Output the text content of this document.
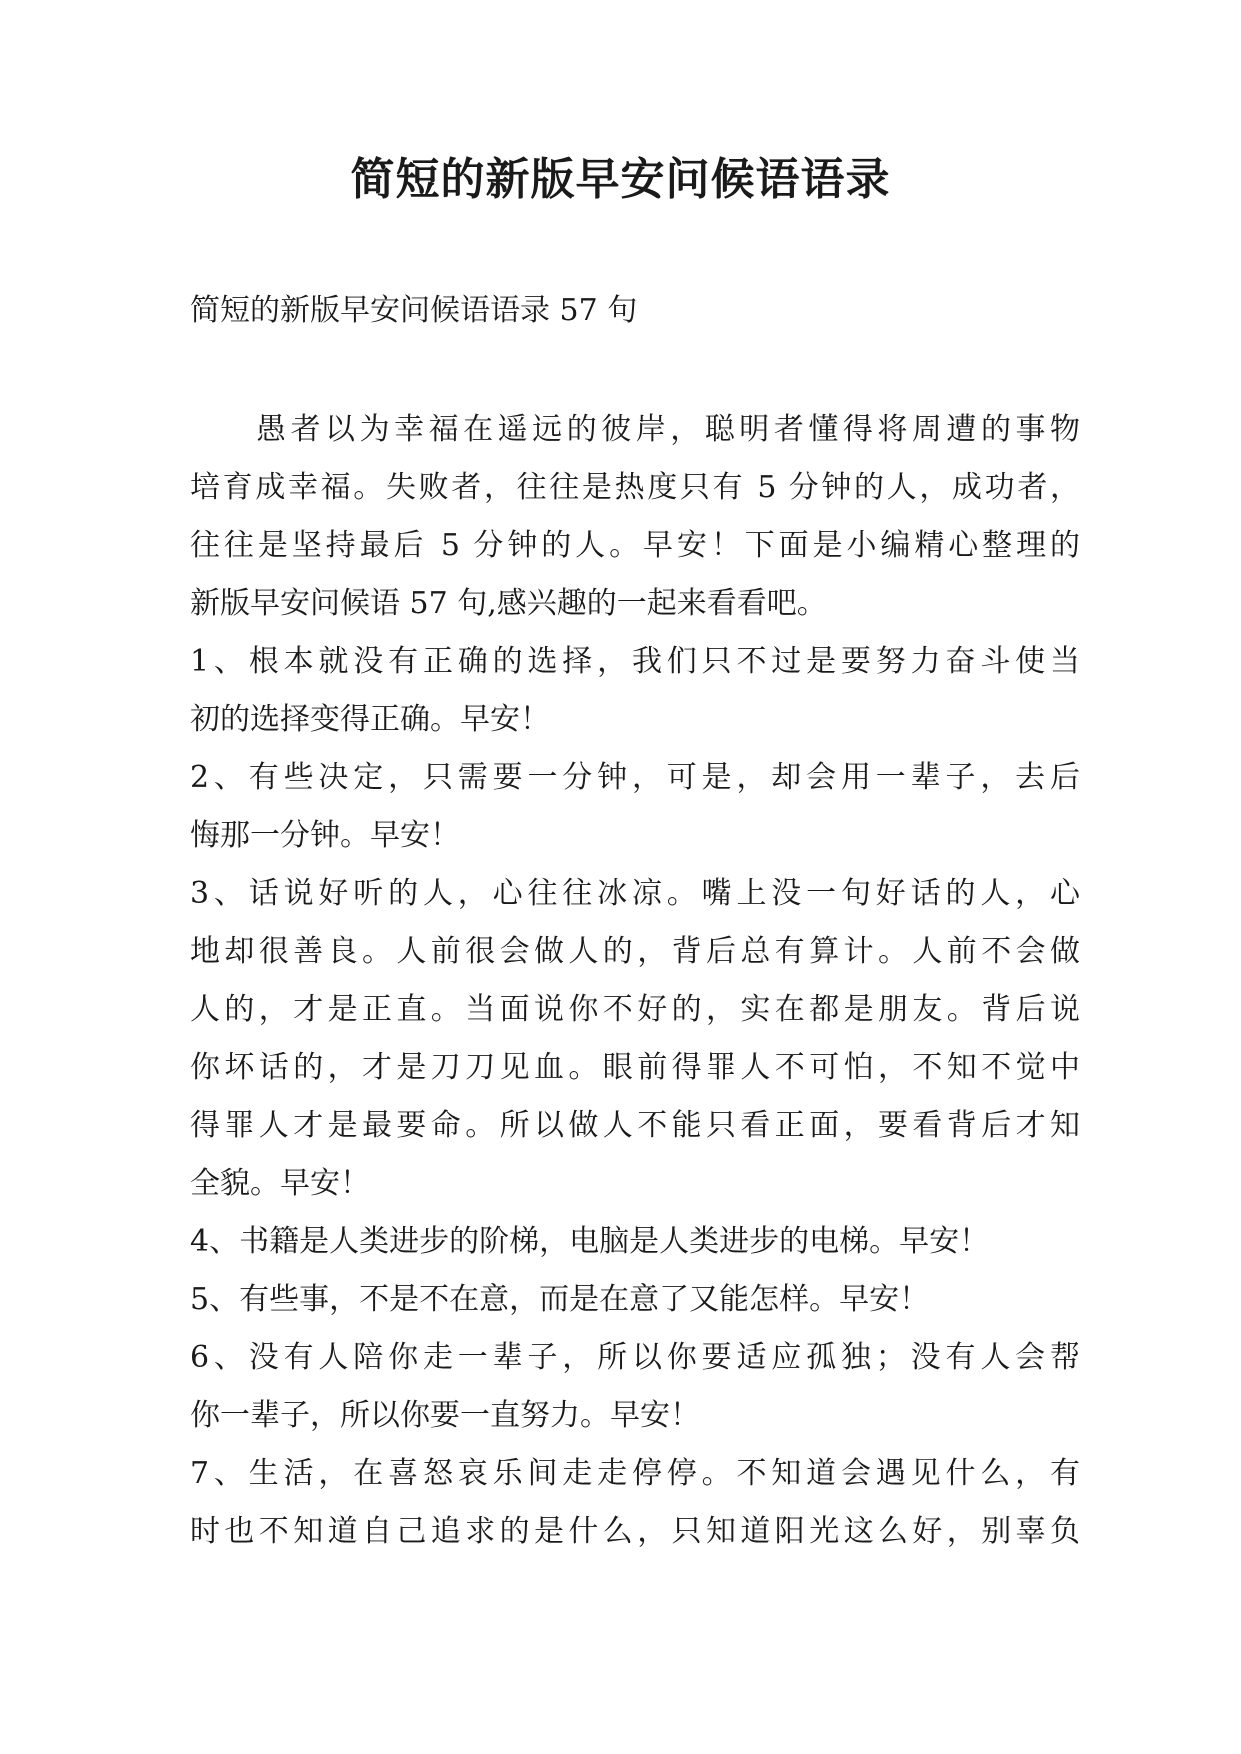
简短的新版早安问候语语录

简短的新版早安问候语语录 57 句

愚者以为幸福在遥远的彼岸，聪明者懂得将周遭的事物

培育成幸福。失败者，往往是热度只有 5 分钟的人，成功者，

往往是坚持最后 5 分钟的人。早安！下面是小编精心整理的

新版早安问候语 57 句,感兴趣的一起来看看吧。

1、根本就没有正确的选择，我们只不过是要努力奋斗使当

初的选择变得正确。早安！

2、有些决定，只需要一分钟，可是，却会用一辈子，去后

悔那一分钟。早安！

3、话说好听的人，心往往冰凉。嘴上没一句好话的人，心

地却很善良。人前很会做人的，背后总有算计。人前不会做

人的，才是正直。当面说你不好的，实在都是朋友。背后说

你坏话的，才是刀刀见血。眼前得罪人不可怕，不知不觉中

得罪人才是最要命。所以做人不能只看正面，要看背后才知

全貌。早安！

4、书籍是人类进步的阶梯，电脑是人类进步的电梯。早安！

5、有些事，不是不在意，而是在意了又能怎样。早安！

6、没有人陪你走一辈子，所以你要适应孤独；没有人会帮

你一辈子，所以你要一直努力。早安！

7、生活，在喜怒哀乐间走走停停。不知道会遇见什么，有

时也不知道自己追求的是什么，只知道阳光这么好，别辜负
